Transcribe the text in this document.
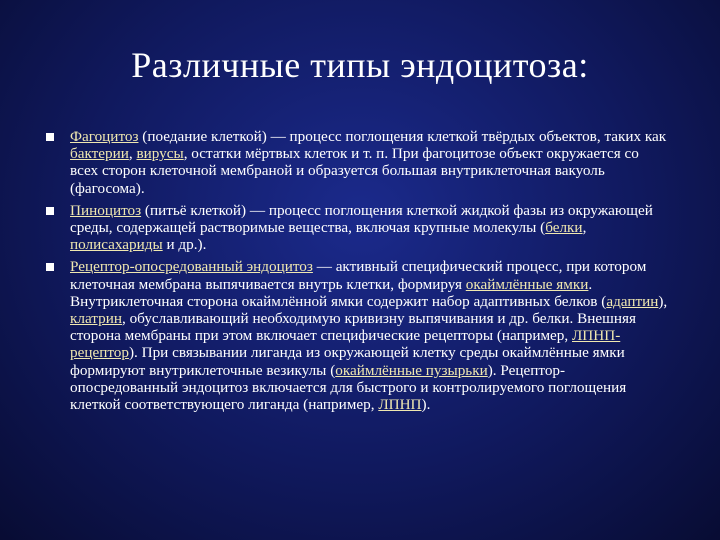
Различные типы эндоцитоза:
Фагоцитоз (поедание клеткой) — процесс поглощения клеткой твёрдых объектов, таких как бактерии, вирусы, остатки мёртвых клеток и т. п. При фагоцитозе объект окружается со всех сторон клеточной мембраной и образуется большая внутриклеточная вакуоль (фагосома).
Пиноцитоз (питьё клеткой) — процесс поглощения клеткой жидкой фазы из окружающей среды, содержащей растворимые вещества, включая крупные молекулы (белки, полисахариды и др.).
Рецептор-опосредованный эндоцитоз — активный специфический процесс, при котором клеточная мембрана выпячивается внутрь клетки, формируя окаймлённые ямки. Внутриклеточная сторона окаймлённой ямки содержит набор адаптивных белков (адаптин), клатрин, обуславливающий необходимую кривизну выпячивания и др. белки. Внешняя сторона мембраны при этом включает специфические рецепторы (например, ЛПНП-рецептор). При связывании лиганда из окружающей клетку среды окаймлённые ямки формируют внутриклеточные везикулы (окаймлённые пузырьки). Рецептор-опосредованный эндоцитоз включается для быстрого и контролируемого поглощения клеткой соответствующего лиганда (например, ЛПНП).
